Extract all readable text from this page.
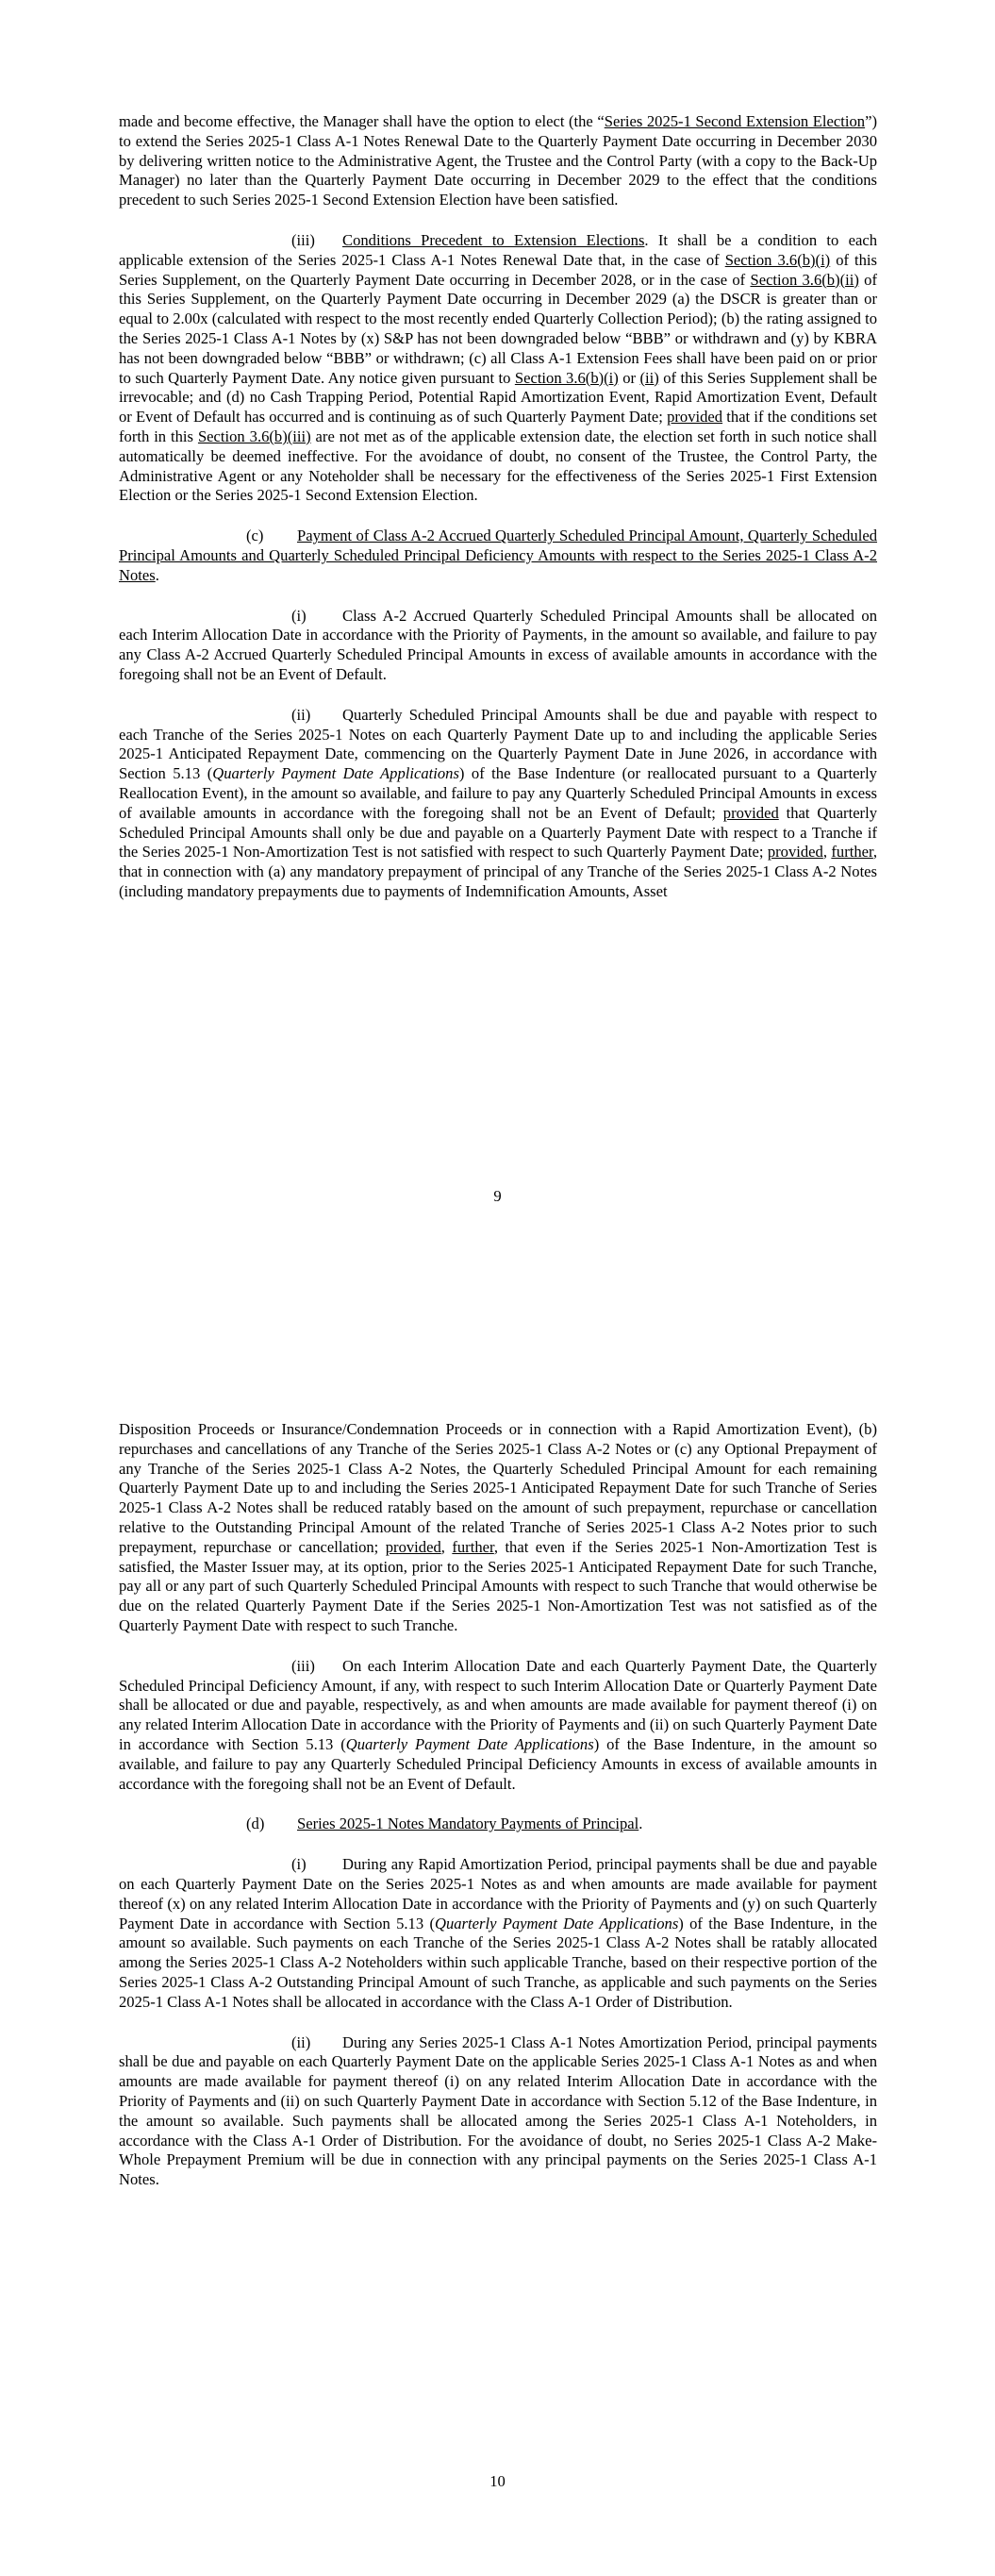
made and become effective, the Manager shall have the option to elect (the “Series 2025-1 Second Extension Election”) to extend the Series 2025-1 Class A-1 Notes Renewal Date to the Quarterly Payment Date occurring in December 2030 by delivering written notice to the Administrative Agent, the Trustee and the Control Party (with a copy to the Back-Up Manager) no later than the Quarterly Payment Date occurring in December 2029 to the effect that the conditions precedent to such Series 2025-1 Second Extension Election have been satisfied.

(iii) Conditions Precedent to Extension Elections. It shall be a condition to each applicable extension of the Series 2025-1 Class A-1 Notes Renewal Date that, in the case of Section 3.6(b)(i) of this Series Supplement, on the Quarterly Payment Date occurring in December 2028, or in the case of Section 3.6(b)(ii) of this Series Supplement, on the Quarterly Payment Date occurring in December 2029 (a) the DSCR is greater than or equal to 2.00x (calculated with respect to the most recently ended Quarterly Collection Period); (b) the rating assigned to the Series 2025-1 Class A-1 Notes by (x) S&P has not been downgraded below “BBB” or withdrawn and (y) by KBRA has not been downgraded below “BBB” or withdrawn; (c) all Class A-1 Extension Fees shall have been paid on or prior to such Quarterly Payment Date. Any notice given pursuant to Section 3.6(b)(i) or (ii) of this Series Supplement shall be irrevocable; and (d) no Cash Trapping Period, Potential Rapid Amortization Event, Rapid Amortization Event, Default or Event of Default has occurred and is continuing as of such Quarterly Payment Date; provided that if the conditions set forth in this Section 3.6(b)(iii) are not met as of the applicable extension date, the election set forth in such notice shall automatically be deemed ineffective. For the avoidance of doubt, no consent of the Trustee, the Control Party, the Administrative Agent or any Noteholder shall be necessary for the effectiveness of the Series 2025-1 First Extension Election or the Series 2025-1 Second Extension Election.

(c) Payment of Class A-2 Accrued Quarterly Scheduled Principal Amount, Quarterly Scheduled Principal Amounts and Quarterly Scheduled Principal Deficiency Amounts with respect to the Series 2025-1 Class A-2 Notes.

(i) Class A-2 Accrued Quarterly Scheduled Principal Amounts shall be allocated on each Interim Allocation Date in accordance with the Priority of Payments, in the amount so available, and failure to pay any Class A-2 Accrued Quarterly Scheduled Principal Amounts in excess of available amounts in accordance with the foregoing shall not be an Event of Default.

(ii) Quarterly Scheduled Principal Amounts shall be due and payable with respect to each Tranche of the Series 2025-1 Notes on each Quarterly Payment Date up to and including the applicable Series 2025-1 Anticipated Repayment Date, commencing on the Quarterly Payment Date in June 2026, in accordance with Section 5.13 (Quarterly Payment Date Applications) of the Base Indenture (or reallocated pursuant to a Quarterly Reallocation Event), in the amount so available, and failure to pay any Quarterly Scheduled Principal Amounts in excess of available amounts in accordance with the foregoing shall not be an Event of Default; provided that Quarterly Scheduled Principal Amounts shall only be due and payable on a Quarterly Payment Date with respect to a Tranche if the Series 2025-1 Non-Amortization Test is not satisfied with respect to such Quarterly Payment Date; provided, further, that in connection with (a) any mandatory prepayment of principal of any Tranche of the Series 2025-1 Class A-2 Notes (including mandatory prepayments due to payments of Indemnification Amounts, Asset

9

Disposition Proceeds or Insurance/Condemnation Proceeds or in connection with a Rapid Amortization Event), (b) repurchases and cancellations of any Tranche of the Series 2025-1 Class A-2 Notes or (c) any Optional Prepayment of any Tranche of the Series 2025-1 Class A-2 Notes, the Quarterly Scheduled Principal Amount for each remaining Quarterly Payment Date up to and including the Series 2025-1 Anticipated Repayment Date for such Tranche of Series 2025-1 Class A-2 Notes shall be reduced ratably based on the amount of such prepayment, repurchase or cancellation relative to the Outstanding Principal Amount of the related Tranche of Series 2025-1 Class A-2 Notes prior to such prepayment, repurchase or cancellation; provided, further, that even if the Series 2025-1 Non-Amortization Test is satisfied, the Master Issuer may, at its option, prior to the Series 2025-1 Anticipated Repayment Date for such Tranche, pay all or any part of such Quarterly Scheduled Principal Amounts with respect to such Tranche that would otherwise be due on the related Quarterly Payment Date if the Series 2025-1 Non-Amortization Test was not satisfied as of the Quarterly Payment Date with respect to such Tranche.

(iii) On each Interim Allocation Date and each Quarterly Payment Date, the Quarterly Scheduled Principal Deficiency Amount, if any, with respect to such Interim Allocation Date or Quarterly Payment Date shall be allocated or due and payable, respectively, as and when amounts are made available for payment thereof (i) on any related Interim Allocation Date in accordance with the Priority of Payments and (ii) on such Quarterly Payment Date in accordance with Section 5.13 (Quarterly Payment Date Applications) of the Base Indenture, in the amount so available, and failure to pay any Quarterly Scheduled Principal Deficiency Amounts in excess of available amounts in accordance with the foregoing shall not be an Event of Default.

(d) Series 2025-1 Notes Mandatory Payments of Principal.

(i) During any Rapid Amortization Period, principal payments shall be due and payable on each Quarterly Payment Date on the Series 2025-1 Notes as and when amounts are made available for payment thereof (x) on any related Interim Allocation Date in accordance with the Priority of Payments and (y) on such Quarterly Payment Date in accordance with Section 5.13 (Quarterly Payment Date Applications) of the Base Indenture, in the amount so available. Such payments on each Tranche of the Series 2025-1 Class A-2 Notes shall be ratably allocated among the Series 2025-1 Class A-2 Noteholders within such applicable Tranche, based on their respective portion of the Series 2025-1 Class A-2 Outstanding Principal Amount of such Tranche, as applicable and such payments on the Series 2025-1 Class A-1 Notes shall be allocated in accordance with the Class A-1 Order of Distribution.

(ii) During any Series 2025-1 Class A-1 Notes Amortization Period, principal payments shall be due and payable on each Quarterly Payment Date on the applicable Series 2025-1 Class A-1 Notes as and when amounts are made available for payment thereof (i) on any related Interim Allocation Date in accordance with the Priority of Payments and (ii) on such Quarterly Payment Date in accordance with Section 5.12 of the Base Indenture, in the amount so available. Such payments shall be allocated among the Series 2025-1 Class A-1 Noteholders, in accordance with the Class A-1 Order of Distribution. For the avoidance of doubt, no Series 2025-1 Class A-2 Make-Whole Prepayment Premium will be due in connection with any principal payments on the Series 2025-1 Class A-1 Notes.

10
